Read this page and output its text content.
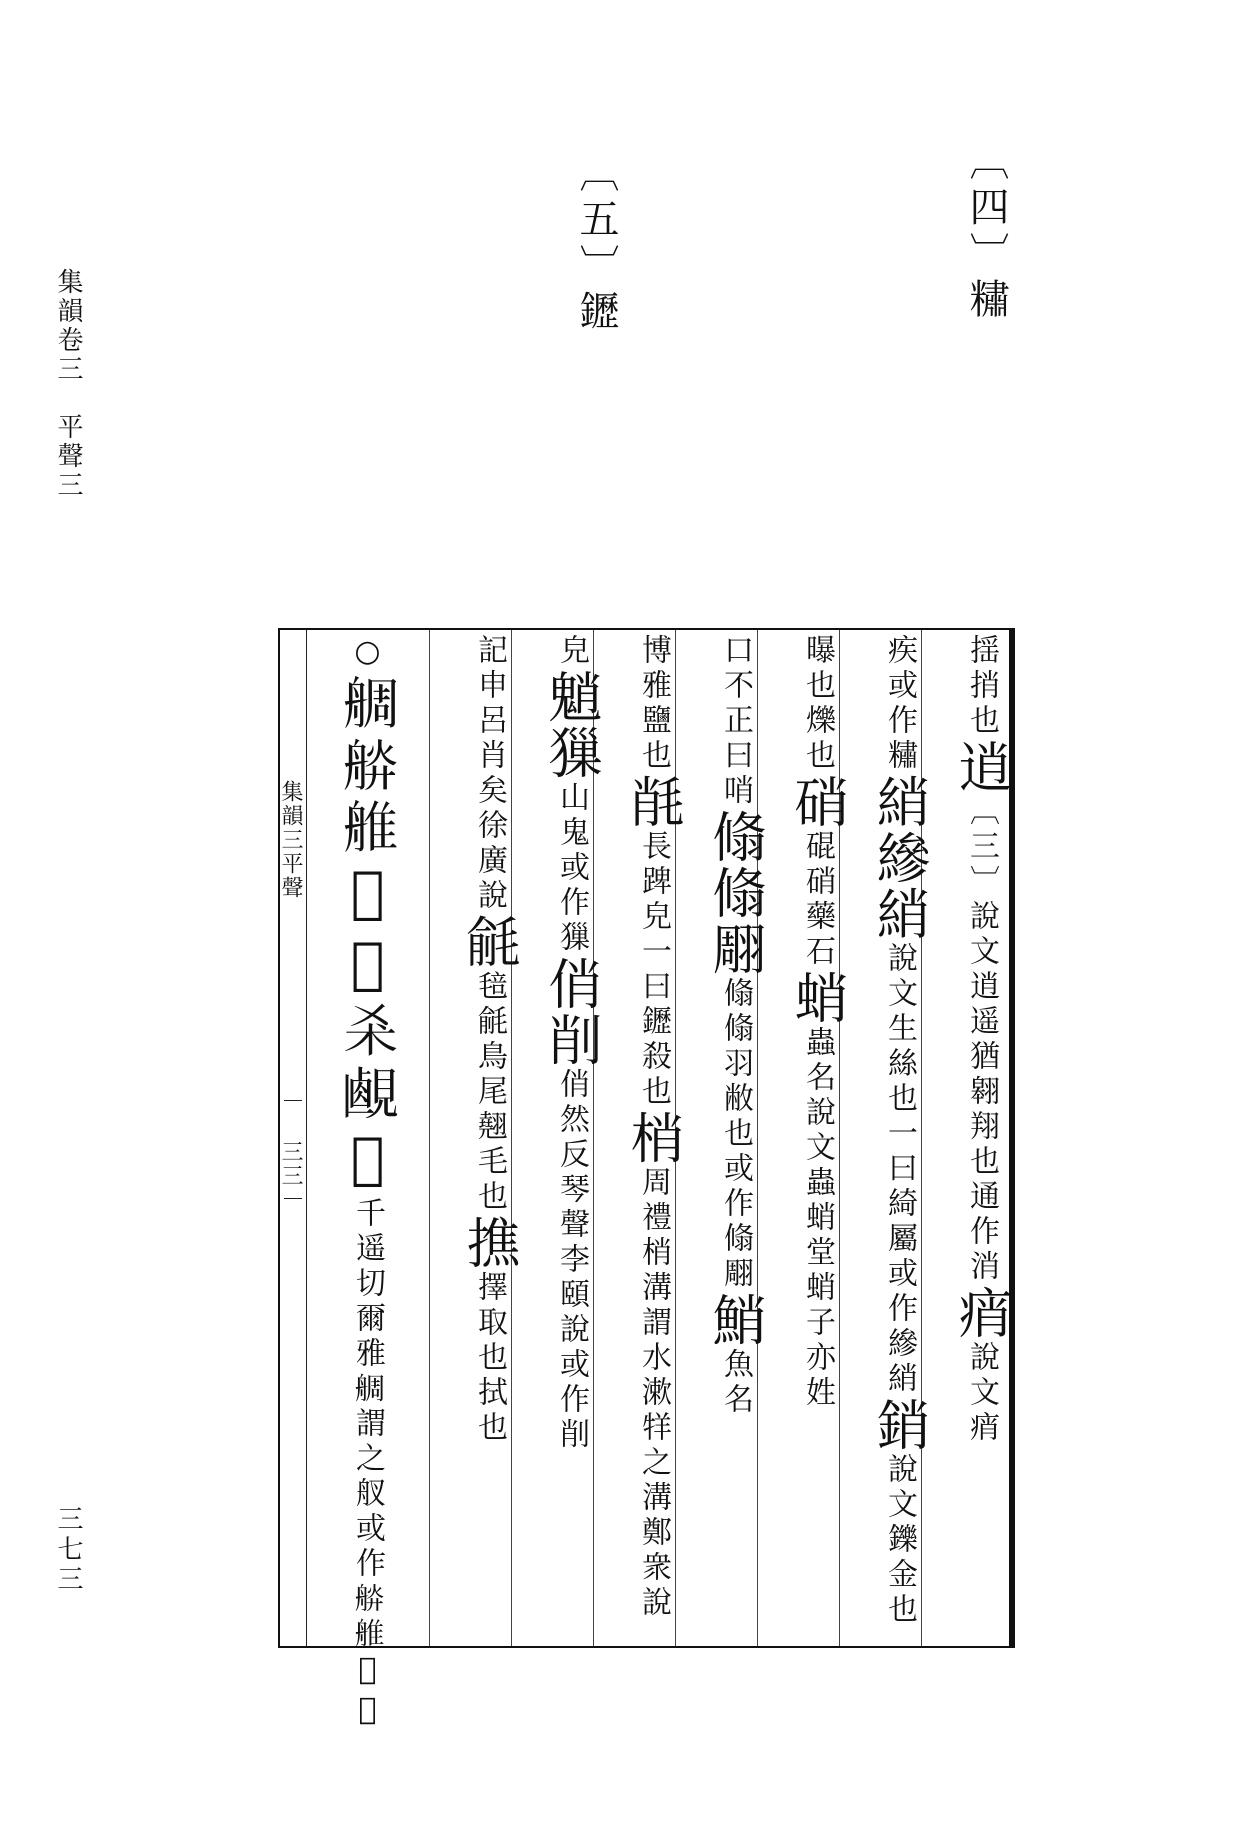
集韻卷三　平聲三
三七三
〔四〕䊥
〔五〕䥶
集韻三平聲
三三
揺捎也逍〔三〕說文逍遥猶翱翔也通作消痟說文痟
疾或作䊥綃縿綃說文生絲也一曰綺屬或作縿綃銷說文鑠金也
曝也爍也硝䃂硝藥石蛸蟲名說文蟲蛸堂蛸子亦姓
口不正曰哨翛翛翢翛翛羽敝也或作翛翢鮹魚名
博雅鹽也㲖長䠋皃一曰䥶殺也梢周禮梢溝謂水漱䍧之溝鄭衆說
皃魈㺐山鬼或作㺐俏削俏然反琴聲李頤說或作削
記申呂肖矣徐廣說毹毰毹鳥尾翹毛也撨擇取也拭也
○𦩍𦩎𦩏𨬊𨭵𣏂𧡹𣚬千遥切爾雅𦩍謂之䑡或作𦩎𦩏𨬊𨭵
